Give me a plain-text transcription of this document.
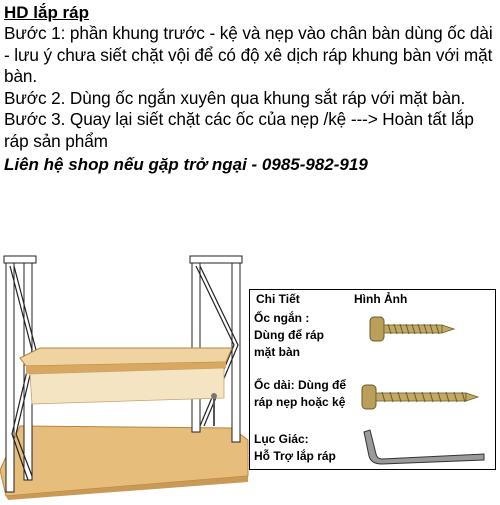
HD lắp ráp

Bước 1: phần khung trước - kệ và nẹp vào chân bàn dùng ốc dài - lưu ý chưa siết chặt vội để có độ xê dịch ráp khung bàn với mặt bàn.

Bước 2. Dùng ốc ngắn xuyên qua khung sắt ráp với mặt bàn.

Bước 3. Quay lại siết chặt các ốc của nẹp /kệ ---> Hoàn tất lắp ráp sản phẩm

Liên hệ shop nếu gặp trở ngại - 0985-982-919

Chi Tiết	Hình Ảnh
Ốc ngắn :
Dùng để ráp
mặt bàn
Ốc dài: Dùng để
ráp nẹp hoặc kệ
Lục Giác:
Hỗ Trợ lắp ráp
